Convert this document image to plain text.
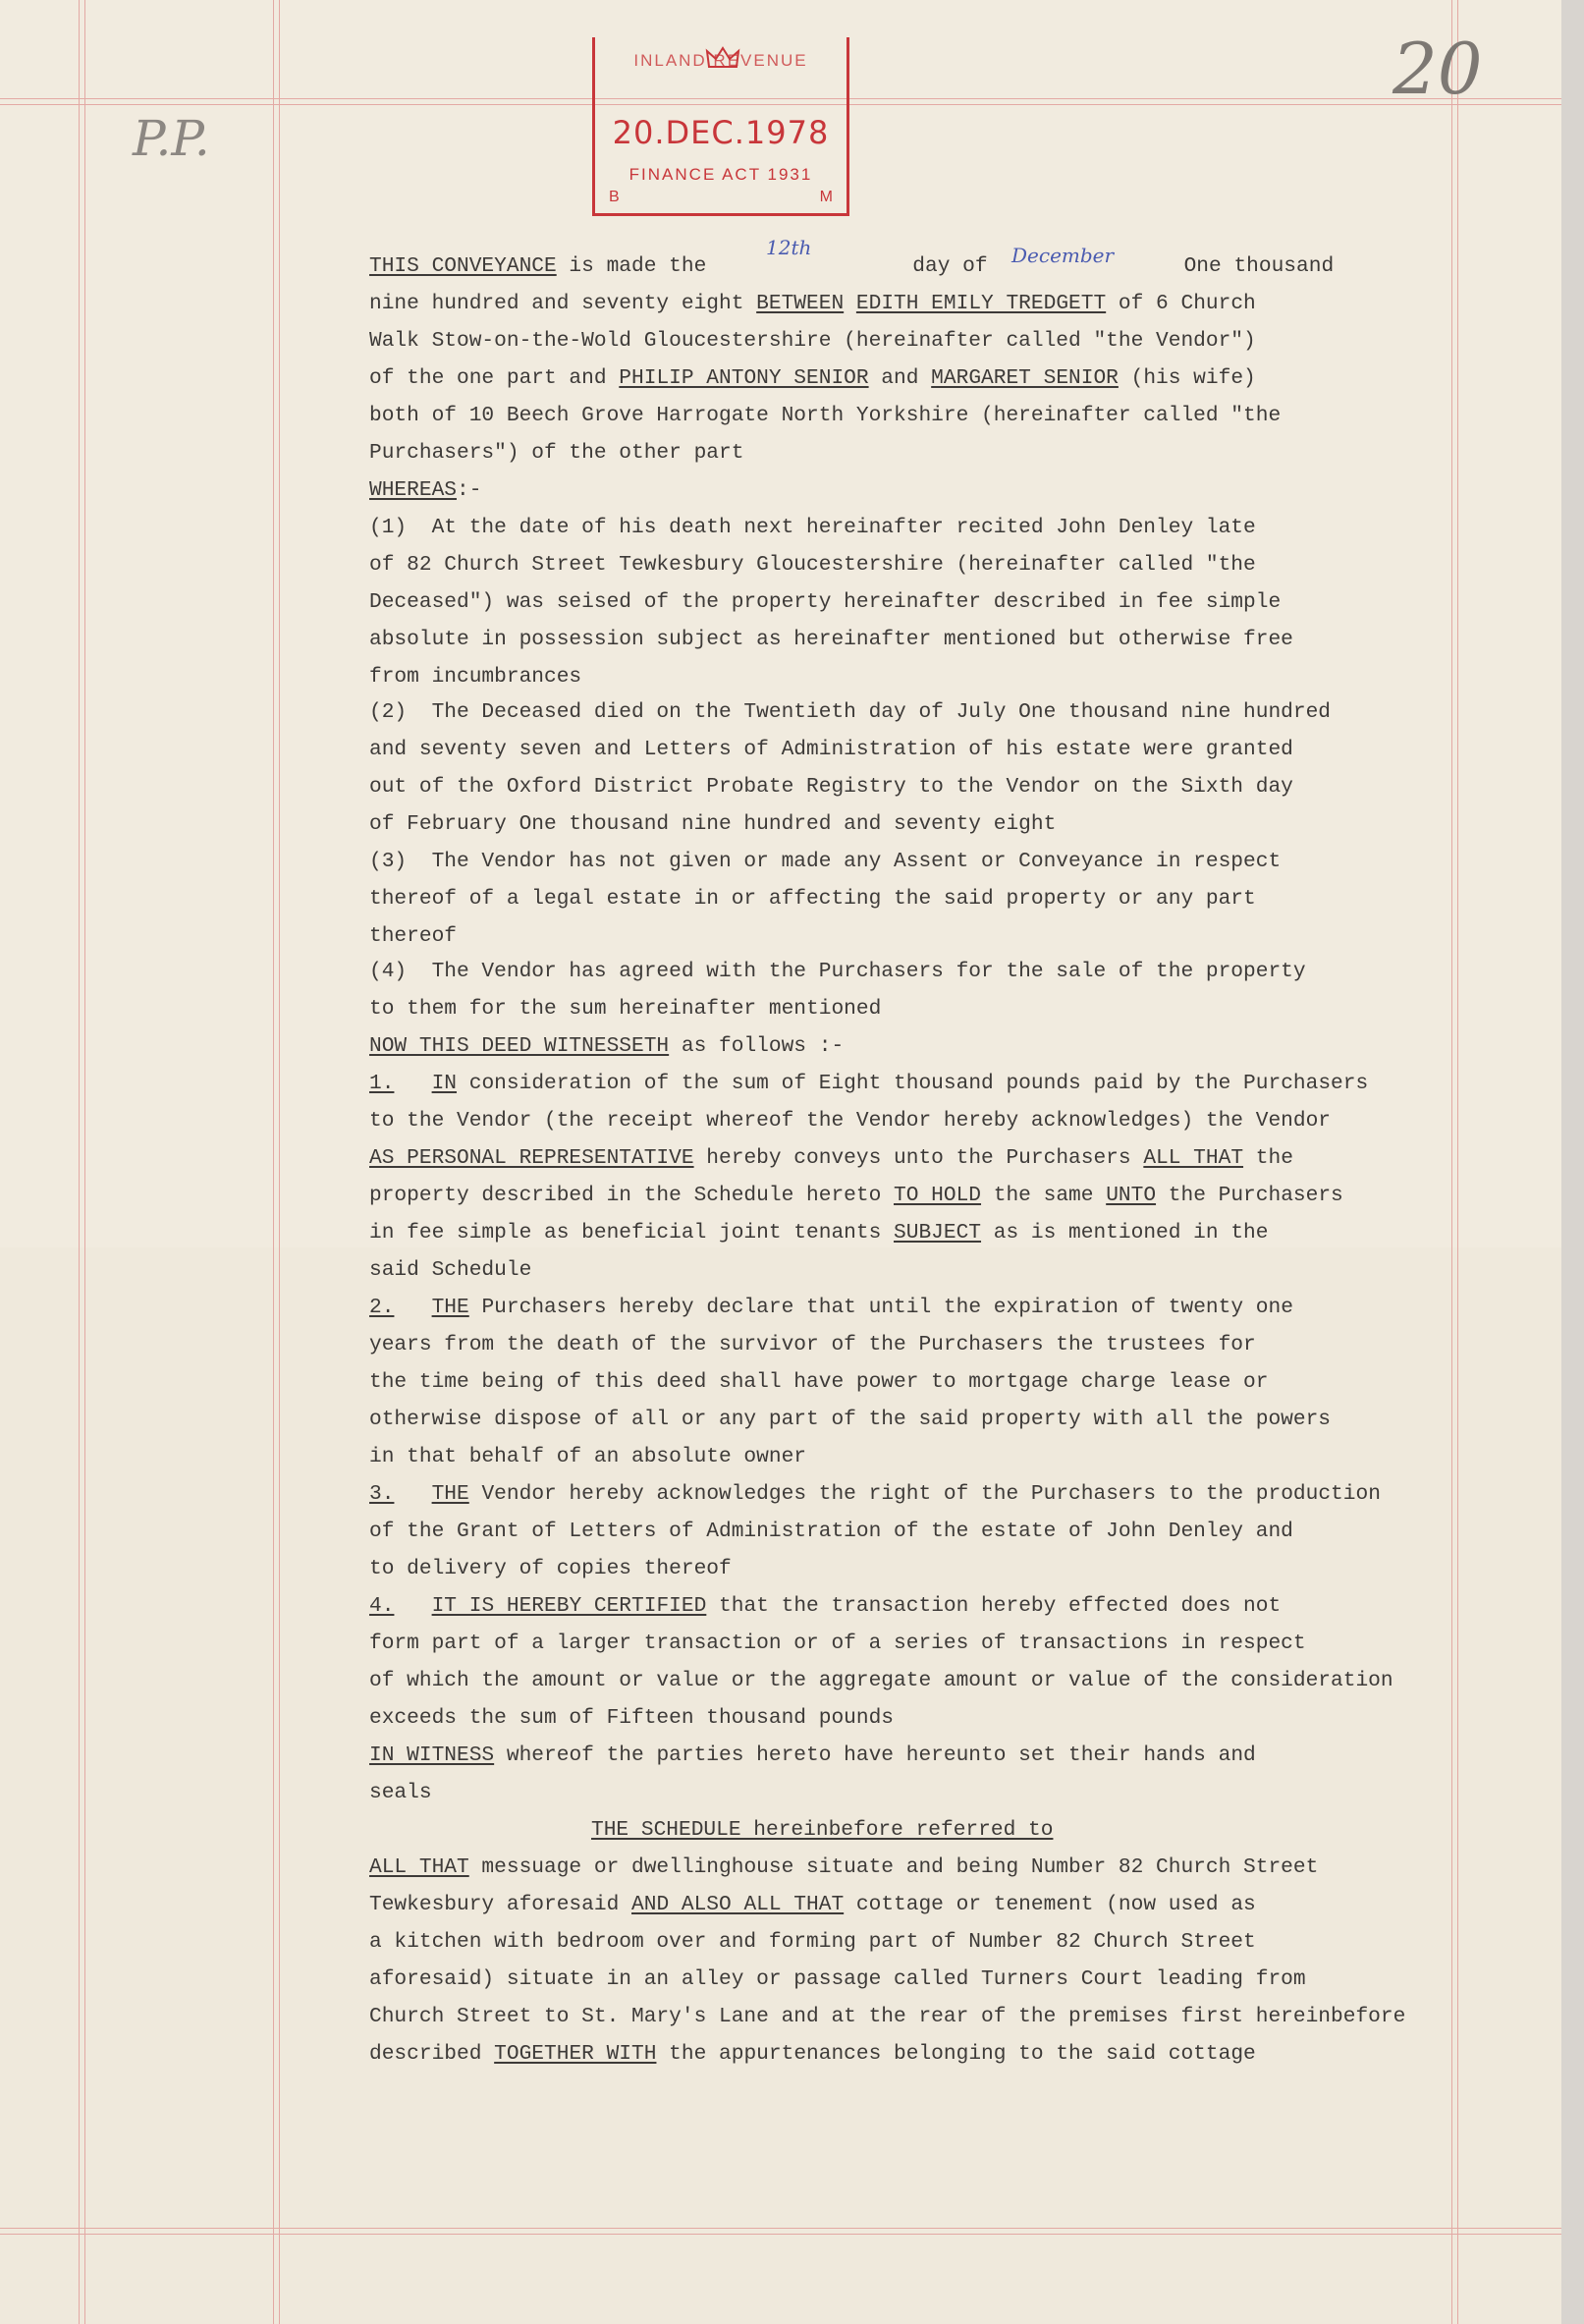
INLAND REVENUE
20.DEC.1978
FINANCE ACT 1931
B	M
20
P.P.
12th	December
THIS CONVEYANCE is made the	day of	One thousand
nine hundred and seventy eight BETWEEN EDITH EMILY TREDGETT of 6 Church
Walk Stow-on-the-Wold Gloucestershire (hereinafter called "the Vendor")
of the one part and PHILIP ANTONY SENIOR and MARGARET SENIOR (his wife)
both of 10 Beech Grove Harrogate North Yorkshire (hereinafter called "the
Purchasers") of the other part
WHEREAS:-
(1)  At the date of his death next hereinafter recited John Denley late
of 82 Church Street Tewkesbury Gloucestershire (hereinafter called "the
Deceased") was seised of the property hereinafter described in fee simple
absolute in possession subject as hereinafter mentioned but otherwise free
from incumbrances
(2)  The Deceased died on the Twentieth day of July One thousand nine hundred
and seventy seven and Letters of Administration of his estate were granted
out of the Oxford District Probate Registry to the Vendor on the Sixth day
of February One thousand nine hundred and seventy eight
(3)  The Vendor has not given or made any Assent or Conveyance in respect
thereof of a legal estate in or affecting the said property or any part
thereof
(4)  The Vendor has agreed with the Purchasers for the sale of the property
to them for the sum hereinafter mentioned
NOW THIS DEED WITNESSETH as follows :-
1. IN consideration of the sum of Eight thousand pounds paid by the Purchasers
to the Vendor (the receipt whereof the Vendor hereby acknowledges) the Vendor
AS PERSONAL REPRESENTATIVE hereby conveys unto the Purchasers ALL THAT the
property described in the Schedule hereto TO HOLD the same UNTO the Purchasers
in fee simple as beneficial joint tenants SUBJECT as is mentioned in the
said Schedule
2. THE Purchasers hereby declare that until the expiration of twenty one
years from the death of the survivor of the Purchasers the trustees for
the time being of this deed shall have power to mortgage charge lease or
otherwise dispose of all or any part of the said property with all the powers
in that behalf of an absolute owner
3. THE Vendor hereby acknowledges the right of the Purchasers to the production
of the Grant of Letters of Administration of the estate of John Denley and
to delivery of copies thereof
4. IT IS HEREBY CERTIFIED that the transaction hereby effected does not
form part of a larger transaction or of a series of transactions in respect
of which the amount or value or the aggregate amount or value of the consideration
exceeds the sum of Fifteen thousand pounds
IN WITNESS whereof the parties hereto have hereunto set their hands and
seals
THE SCHEDULE hereinbefore referred to
ALL THAT messuage or dwellinghouse situate and being Number 82 Church Street
Tewkesbury aforesaid AND ALSO ALL THAT cottage or tenement (now used as
a kitchen with bedroom over and forming part of Number 82 Church Street
aforesaid) situate in an alley or passage called Turners Court leading from
Church Street to St. Mary's Lane and at the rear of the premises first hereinbefore
described TOGETHER WITH the appurtenances belonging to the said cottage
